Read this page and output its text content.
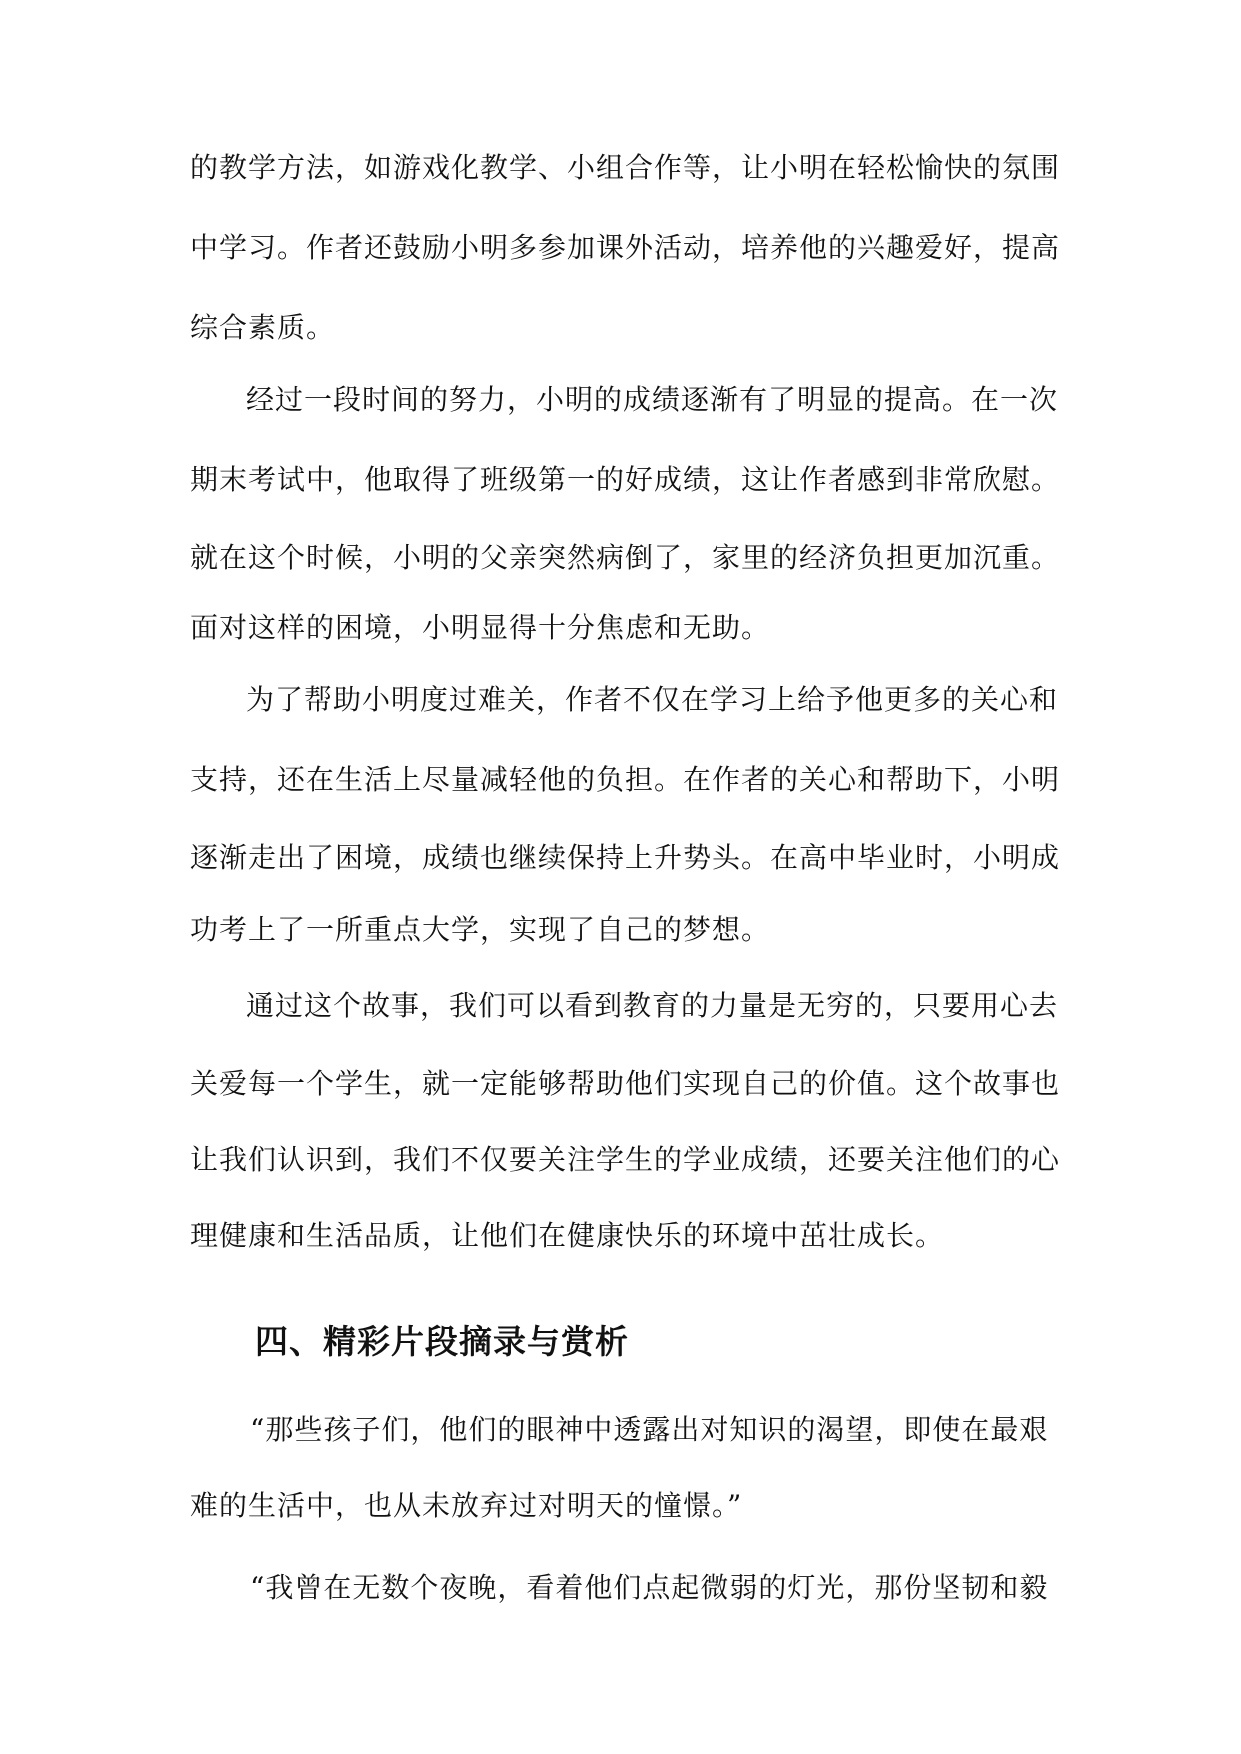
的教学方法，如游戏化教学、小组合作等，让小明在轻松愉快的氛围
中学习。作者还鼓励小明多参加课外活动，培养他的兴趣爱好，提高
综合素质。
经过一段时间的努力，小明的成绩逐渐有了明显的提高。在一次
期末考试中，他取得了班级第一的好成绩，这让作者感到非常欣慰。
就在这个时候，小明的父亲突然病倒了，家里的经济负担更加沉重。
面对这样的困境，小明显得十分焦虑和无助。
为了帮助小明度过难关，作者不仅在学习上给予他更多的关心和
支持，还在生活上尽量减轻他的负担。在作者的关心和帮助下，小明
逐渐走出了困境，成绩也继续保持上升势头。在高中毕业时，小明成
功考上了一所重点大学，实现了自己的梦想。
通过这个故事，我们可以看到教育的力量是无穷的，只要用心去
关爱每一个学生，就一定能够帮助他们实现自己的价值。这个故事也
让我们认识到，我们不仅要关注学生的学业成绩，还要关注他们的心
理健康和生活品质，让他们在健康快乐的环境中茁壮成长。
四、精彩片段摘录与赏析
“那些孩子们，他们的眼神中透露出对知识的渴望，即使在最艰
难的生活中，也从未放弃过对明天的憧憬。”
“我曾在无数个夜晚，看着他们点起微弱的灯光，那份坚韧和毅
